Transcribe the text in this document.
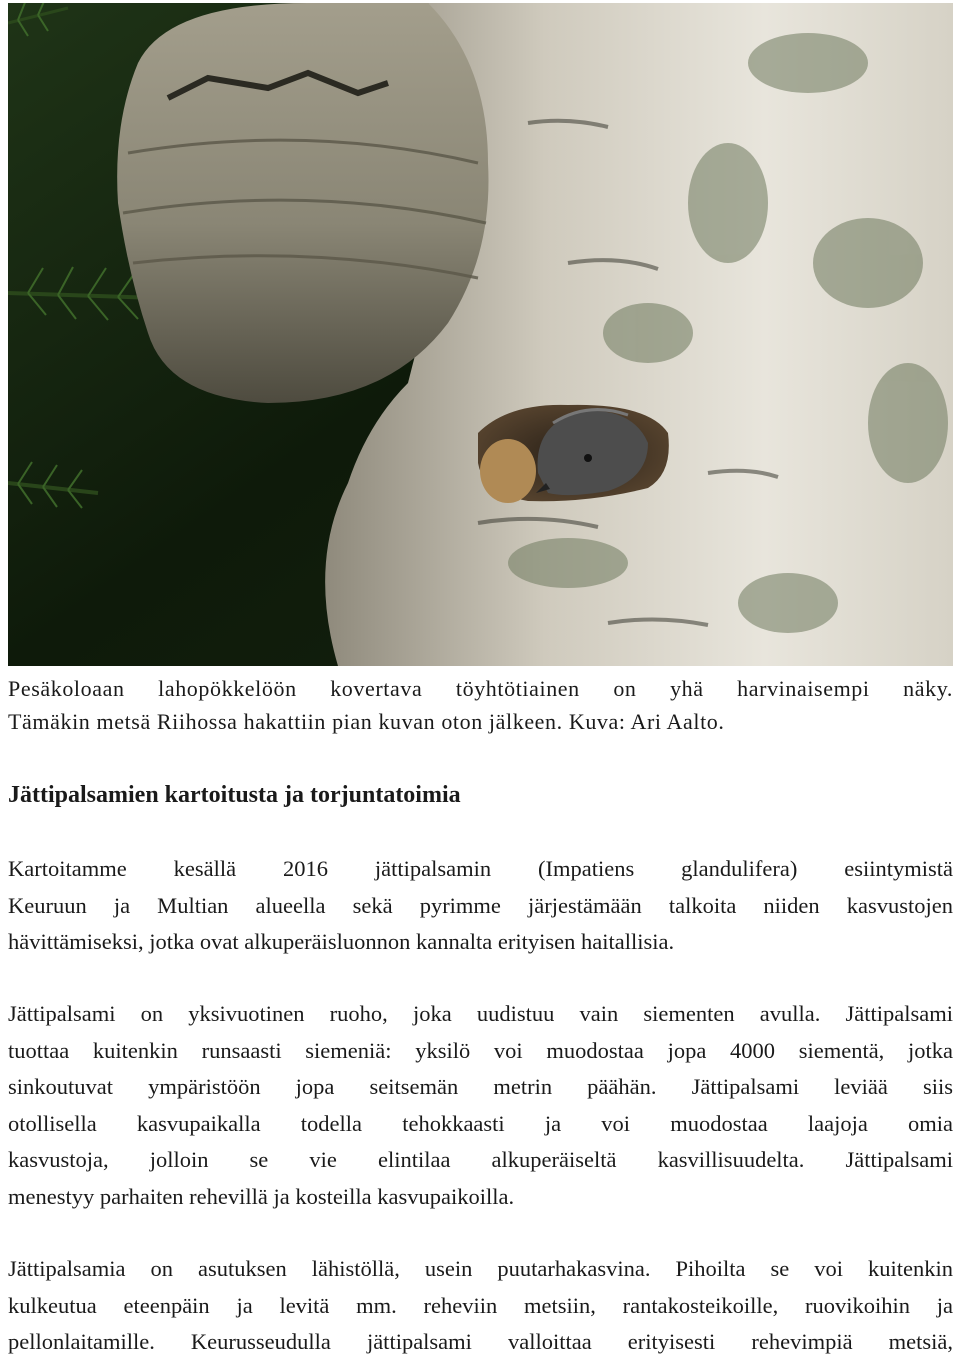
Pesäkoloaan lahopökkelöön kovertava töyhtötiainen on yhä harvinaisempi näky.
Tämäkin metsä Riihossa hakattiin pian kuvan oton jälkeen. Kuva: Ari Aalto.

Jättipalsamien kartoitusta ja torjuntatoimia

Kartoitamme kesällä 2016 jättipalsamin (Impatiens glandulifera) esiintymistä
Keuruun ja Multian alueella sekä pyrimme järjestämään talkoita niiden kasvustojen
hävittämiseksi, jotka ovat alkuperäisluonnon kannalta erityisen haitallisia.

Jättipalsami on yksivuotinen ruoho, joka uudistuu vain siementen avulla. Jättipalsami
tuottaa kuitenkin runsaasti siemeniä: yksilö voi muodostaa jopa 4000 siementä, jotka
sinkoutuvat ympäristöön jopa seitsemän metrin päähän. Jättipalsami leviää siis
otollisella kasvupaikalla todella tehokkaasti ja voi muodostaa laajoja omia
kasvustoja, jolloin se vie elintilaa alkuperäiseltä kasvillisuudelta. Jättipalsami
menestyy parhaiten rehevillä ja kosteilla kasvupaikoilla.

Jättipalsamia on asutuksen lähistöllä, usein puutarhakasvina. Pihoilta se voi kuitenkin
kulkeutua eteenpäin ja levitä mm. reheviin metsiin, rantakosteikoille, ruovikoihin ja
pellonlaitamille. Keurusseudulla jättipalsami valloittaa erityisesti rehevimpiä metsiä,
